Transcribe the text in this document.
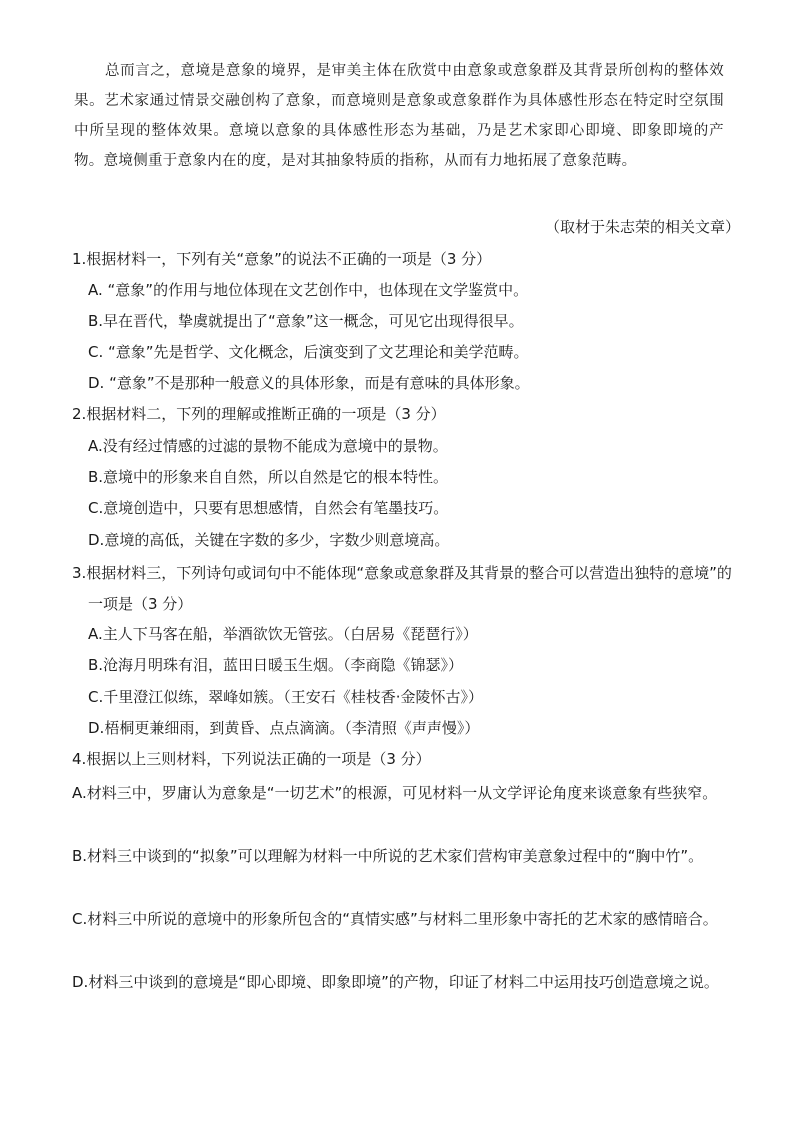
总而言之，意境是意象的境界，是审美主体在欣赏中由意象或意象群及其背景所创构的整体效果。艺术家通过情景交融创构了意象，而意境则是意象或意象群作为具体感性形态在特定时空氛围中所呈现的整体效果。意境以意象的具体感性形态为基础，乃是艺术家即心即境、即象即境的产物。意境侧重于意象内在的度，是对其抽象特质的指称，从而有力地拓展了意象范畴。
（取材于朱志荣的相关文章）
1.根据材料一，下列有关“意象”的说法不正确的一项是（3 分）
A. “意象”的作用与地位体现在文艺创作中，也体现在文学鉴赏中。
B.早在晋代，挚虞就提出了“意象”这一概念，可见它出现得很早。
C. “意象”先是哲学、文化概念，后演变到了文艺理论和美学范畴。
D. “意象”不是那种一般意义的具体形象，而是有意味的具体形象。
2.根据材料二，下列的理解或推断正确的一项是（3 分）
A.没有经过情感的过滤的景物不能成为意境中的景物。
B.意境中的形象来自自然，所以自然是它的根本特性。
C.意境创造中，只要有思想感情，自然会有笔墨技巧。
D.意境的高低，关键在字数的多少，字数少则意境高。
3.根据材料三，下列诗句或词句中不能体现“意象或意象群及其背景的整合可以营造出独特的意境”的一项是（3 分）
A.主人下马客在船，举酒欲饮无管弦。（白居易《琵琶行》）
B.沧海月明珠有泪，蓝田日暖玉生烟。（李商隐《锦瑟》）
C.千里澄江似练，翠峰如簇。（王安石《桂枝香·金陵怀古》）
D.梧桐更兼细雨，到黄昏、点点滴滴。（李清照《声声慢》）
4.根据以上三则材料，下列说法正确的一项是（3 分）
A.材料三中，罗庸认为意象是“一切艺术”的根源，可见材料一从文学评论角度来谈意象有些狭窄。
B.材料三中谈到的“拟象”可以理解为材料一中所说的艺术家们营构审美意象过程中的“胸中竹”。
C.材料三中所说的意境中的形象所包含的“真情实感”与材料二里形象中寄托的艺术家的感情暗合。
D.材料三中谈到的意境是“即心即境、即象即境”的产物，印证了材料二中运用技巧创造意境之说。
